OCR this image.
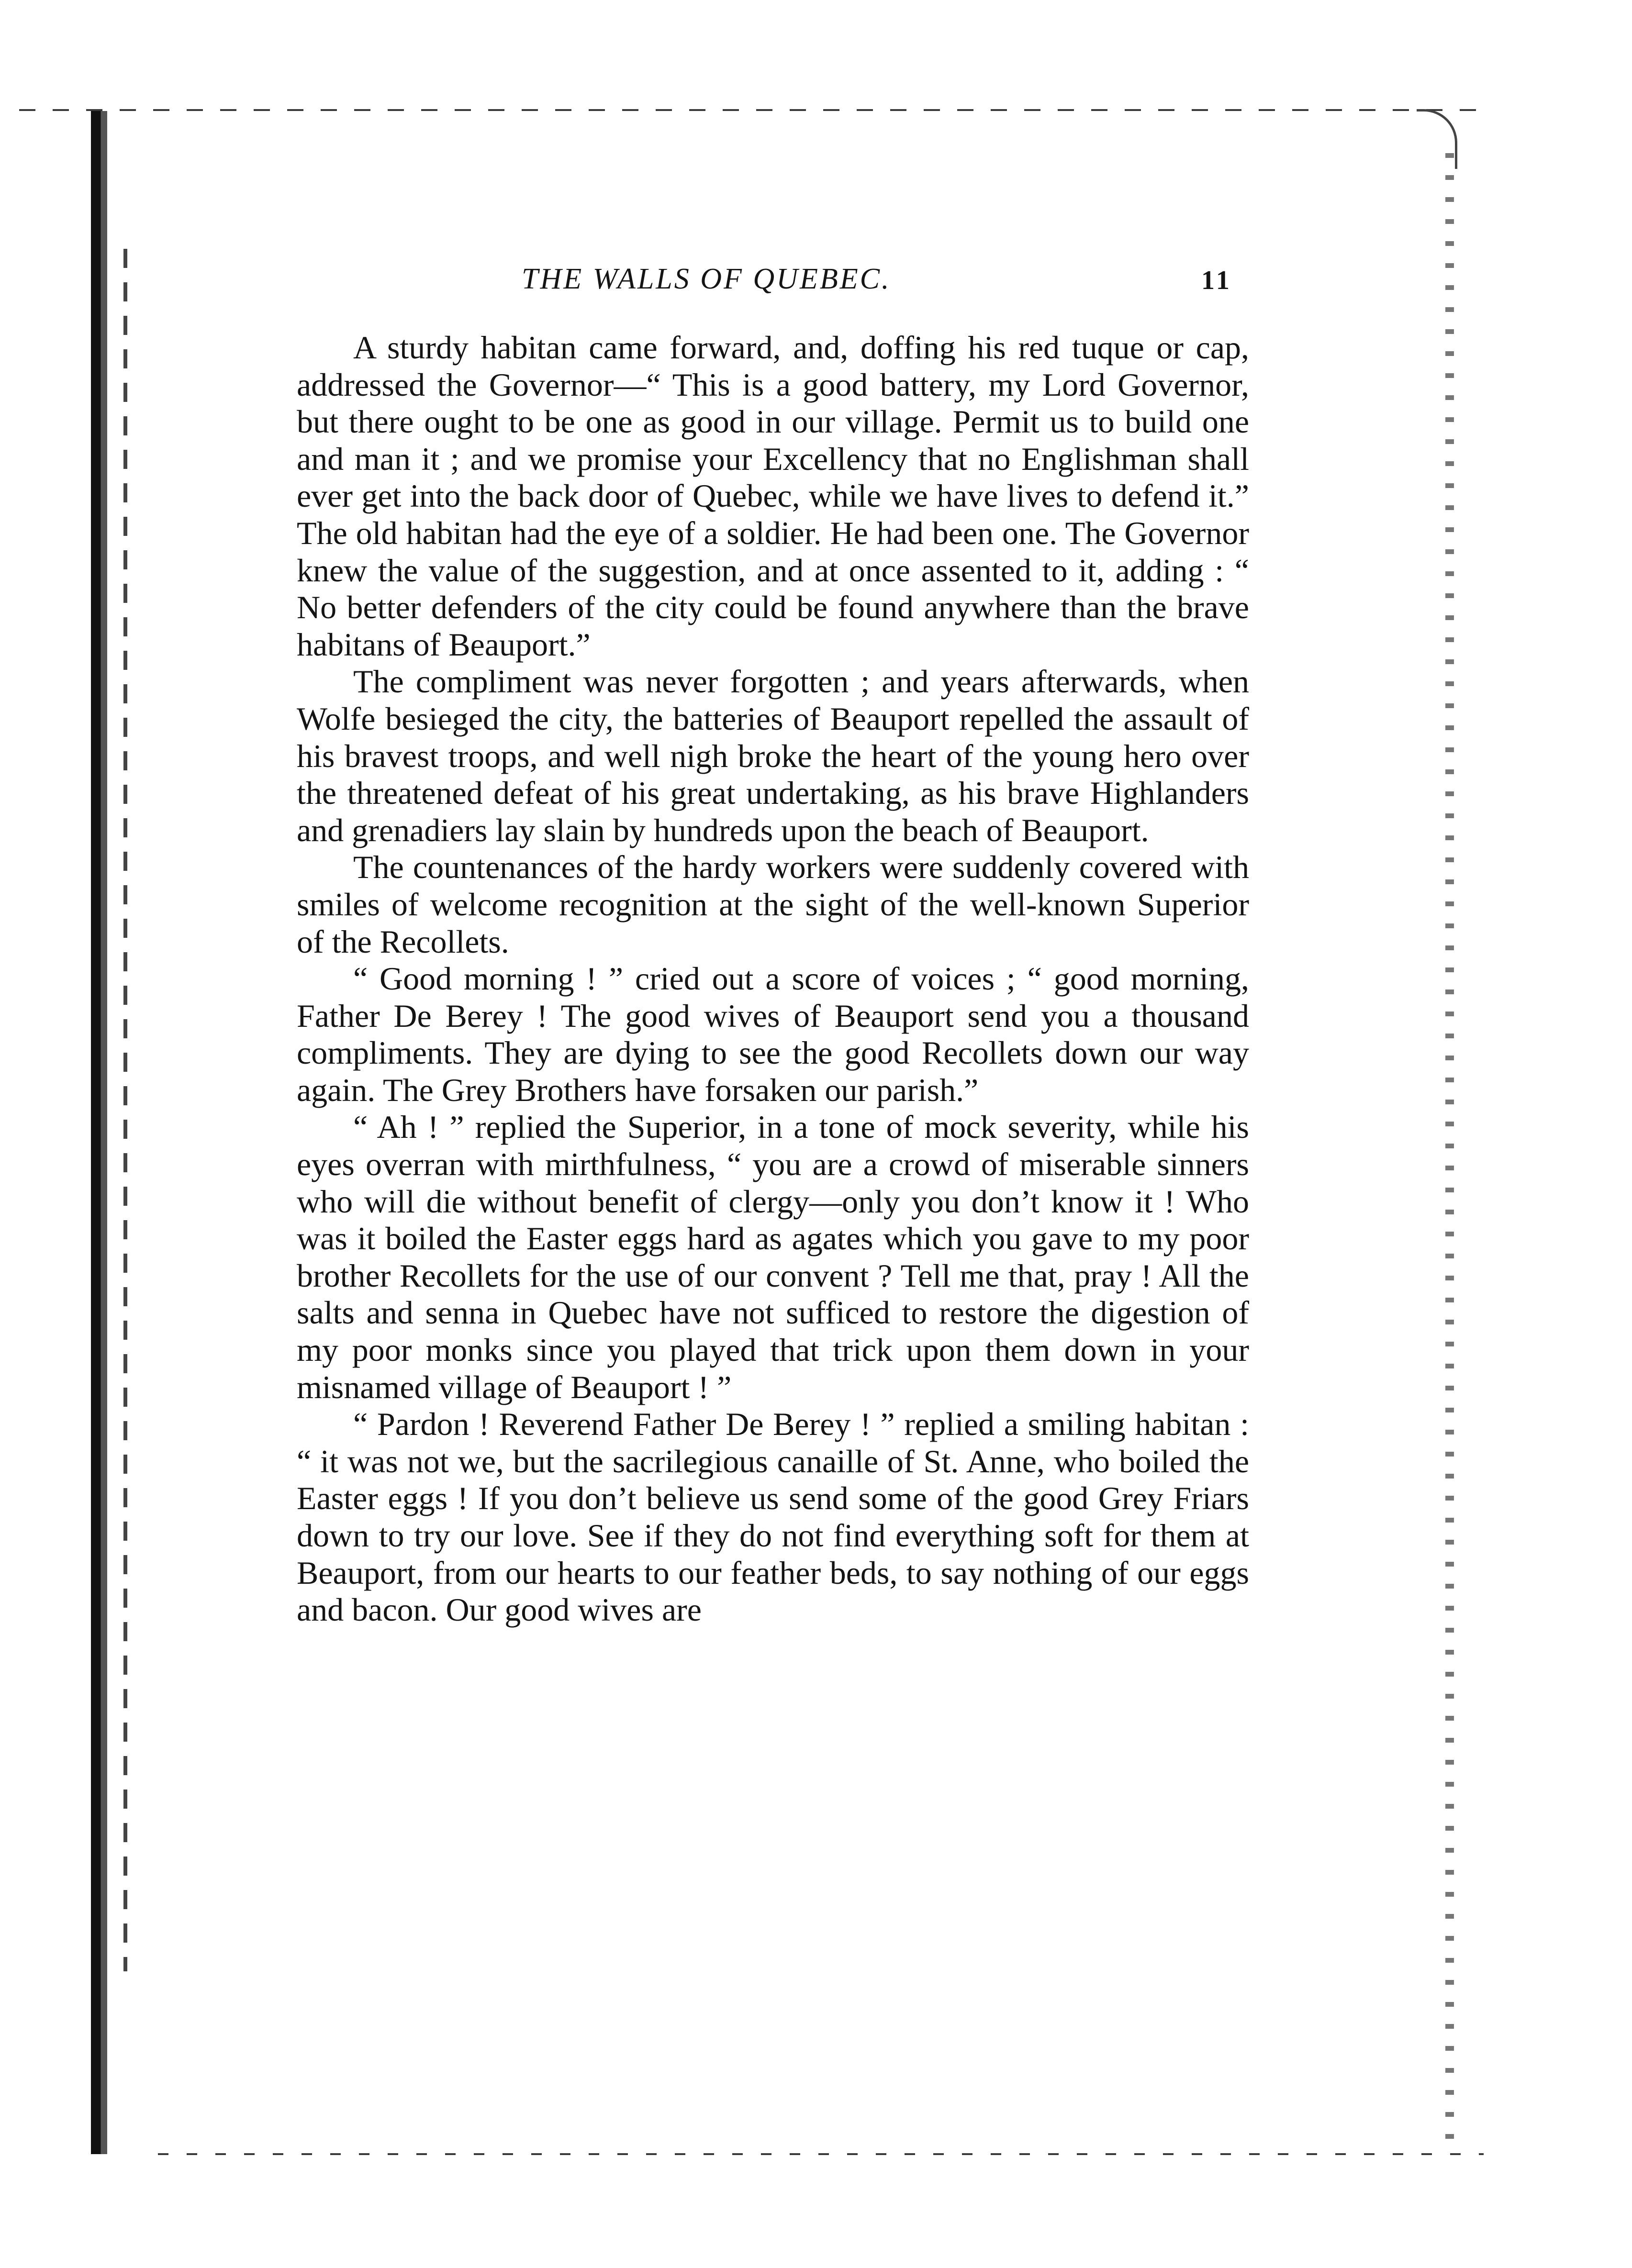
THE WALLS OF QUEBEC.	11

A sturdy habitan came forward, and, doffing his red tuque or cap, addressed the Governor—“ This is a good battery, my Lord Governor, but there ought to be one as good in our village. Permit us to build one and man it ; and we promise your Excellency that no Englishman shall ever get into the back door of Quebec, while we have lives to defend it.” The old habitan had the eye of a soldier. He had been one. The Governor knew the value of the suggestion, and at once assented to it, adding : “ No better defenders of the city could be found anywhere than the brave habitans of Beauport.”

The compliment was never forgotten ; and years afterwards, when Wolfe besieged the city, the batteries of Beauport repelled the assault of his bravest troops, and well nigh broke the heart of the young hero over the threatened defeat of his great undertaking, as his brave Highlanders and grenadiers lay slain by hundreds upon the beach of Beauport.

The countenances of the hardy workers were suddenly covered with smiles of welcome recognition at the sight of the well-known Superior of the Recollets.

“ Good morning ! ” cried out a score of voices ; “ good morning, Father De Berey ! The good wives of Beauport send you a thousand compliments. They are dying to see the good Recollets down our way again. The Grey Brothers have forsaken our parish.”

“ Ah ! ” replied the Superior, in a tone of mock severity, while his eyes overran with mirthfulness, “ you are a crowd of miserable sinners who will die without benefit of clergy—only you don’t know it ! Who was it boiled the Easter eggs hard as agates which you gave to my poor brother Recollets for the use of our convent ? Tell me that, pray ! All the salts and senna in Quebec have not sufficed to restore the digestion of my poor monks since you played that trick upon them down in your misnamed village of Beauport ! ”

“ Pardon ! Reverend Father De Berey ! ” replied a smiling habitan : “ it was not we, but the sacrilegious canaille of St. Anne, who boiled the Easter eggs ! If you don’t believe us send some of the good Grey Friars down to try our love. See if they do not find everything soft for them at Beauport, from our hearts to our feather beds, to say nothing of our eggs and bacon. Our good wives are
